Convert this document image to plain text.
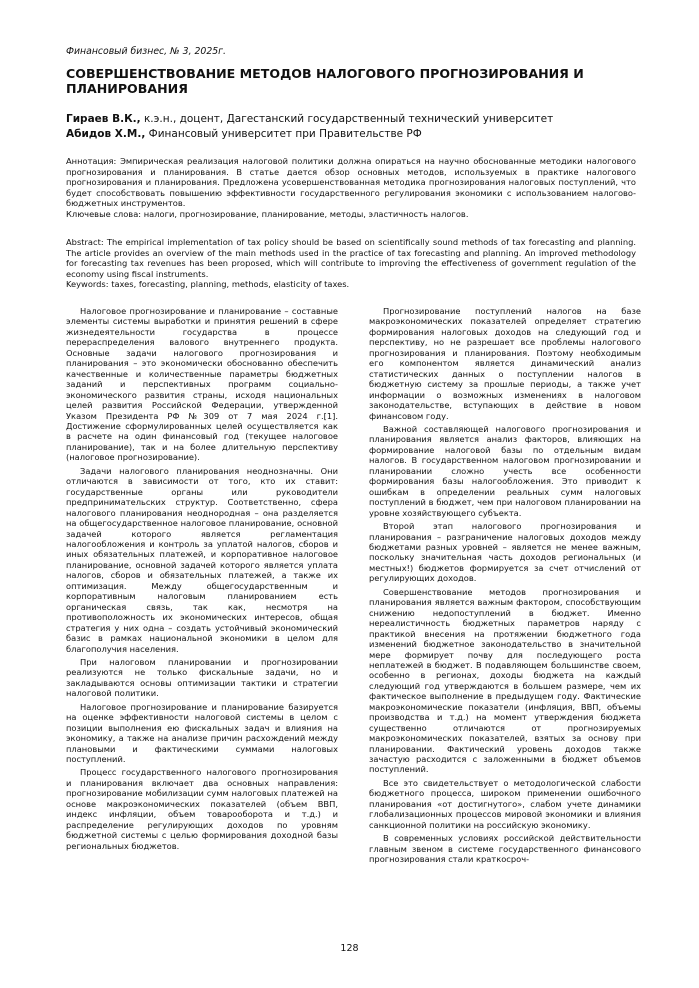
Финансовый бизнес, № 3, 2025г.
СОВЕРШЕНСТВОВАНИЕ МЕТОДОВ НАЛОГОВОГО ПРОГНОЗИРОВАНИЯ И ПЛАНИРОВАНИЯ
Гираев В.К., к.э.н., доцент, Дагестанский государственный технический университет
Абидов Х.М., Финансовый университет при Правительстве РФ
Аннотация: Эмпирическая реализация налоговой политики должна опираться на научно обоснованные методики налогового прогнозирования и планирования. В статье дается обзор основных методов, используемых в практике налогового прогнозирования и планирования. Предложена усовершенствованная методика прогнозирования налоговых поступлений, что будет способствовать повышению эффективности государственного регулирования экономики с использованием налогово-бюджетных инструментов.
Ключевые слова: налоги, прогнозирование, планирование, методы, эластичность налогов.
Abstract: The empirical implementation of tax policy should be based on scientifically sound methods of tax forecasting and planning. The article provides an overview of the main methods used in the practice of tax forecasting and planning. An improved methodology for forecasting tax revenues has been proposed, which will contribute to improving the effectiveness of government regulation of the economy using fiscal instruments.
Keywords: taxes, forecasting, planning, methods, elasticity of taxes.

Налоговое прогнозирование и планирование – составные элементы системы выработки и принятия решений в сфере жизнедеятельности государства в процессе перераспределения валового внутреннего продукта. Основные задачи налогового прогнозирования и планирования – это экономически обоснованно обеспечить качественные и количественные параметры бюджетных заданий и перспективных программ социально-экономического развития страны, исходя национальных целей развития Российской Федерации, утвержденной Указом Президента РФ №309 от 7 мая 2024 г.[1]. Достижение сформулированных целей осуществляется как в расчете на один финансовый год (текущее налоговое планирование), так и на более длительную перспективу (налоговое прогнозирование).

Задачи налогового планирования неоднозначны. Они отличаются в зависимости от того, кто их ставит: государственные органы или руководители предпринимательских структур. Соответственно, сфера налогового планирования неоднородная – она разделяется на общегосударственное налоговое планирование, основной задачей которого является регламентация налогообложения и контроль за уплатой налогов, сборов и иных обязательных платежей, и корпоративное налоговое планирование, основной задачей которого является уплата налогов, сборов и обязательных платежей, а также их оптимизация. Между общегосударственным и корпоративным налоговым планированием есть органическая связь, так как, несмотря на противоположность их экономических интересов, общая стратегия у них одна – создать устойчивый экономический базис в рамках национальной экономики в целом для благополучия населения.

При налоговом планировании и прогнозировании реализуются не только фискальные задачи, но и закладываются основы оптимизации тактики и стратегии налоговой политики.

Налоговое прогнозирование и планирование базируется на оценке эффективности налоговой системы в целом с позиции выполнения ею фискальных задач и влияния на экономику, а также на анализе причин расхождений между плановыми и фактическими суммами налоговых поступлений.

Процесс государственного налогового прогнозирования и планирования включает два основных направления: прогнозирование мобилизации сумм налоговых платежей на основе макроэкономических показателей (объем ВВП, индекс инфляции, объем товарооборота и т.д.) и распределение регулирующих доходов по уровням бюджетной системы с целью формирования доходной базы региональных бюджетов.

Прогнозирование поступлений налогов на базе макроэкономических показателей определяет стратегию формирования налоговых доходов на следующий год и перспективу, но не разрешает все проблемы налогового прогнозирования и планирования. Поэтому необходимым его компонентом является динамический анализ статистических данных о поступлении налогов в бюджетную систему за прошлые периоды, а также учет информации о возможных изменениях в налоговом законодательстве, вступающих в действие в новом финансовом году.

Важной составляющей налогового прогнозирования и планирования является анализ факторов, влияющих на формирование налоговой базы по отдельным видам налогов. В государственном налоговом прогнозировании и планировании сложно учесть все особенности формирования базы налогообложения. Это приводит к ошибкам в определении реальных сумм налоговых поступлений в бюджет, чем при налоговом планировании на уровне хозяйствующего субъекта.

Второй этап налогового прогнозирования и планирования – разграничение налоговых доходов между бюджетами разных уровней – является не менее важным, поскольку значительная часть доходов региональных (и местных!) бюджетов формируется за счет отчислений от регулирующих доходов.

Совершенствование методов прогнозирования и планирования является важным фактором, способствующим снижению недопоступлений в бюджет. Именно нереалистичность бюджетных параметров наряду с практикой внесения на протяжении бюджетного года изменений бюджетное законодательство в значительной мере формирует почву для последующего роста неплатежей в бюджет. В подавляющем большинстве своем, особенно в регионах, доходы бюджета на каждый следующий год утверждаются в большем размере, чем их фактическое выполнение в предыдущем году. Фактические макроэкономические показатели (инфляция, ВВП, объемы производства и т.д.) на момент утверждения бюджета существенно отличаются от прогнозируемых макроэкономических показателей, взятых за основу при планировании. Фактический уровень доходов также зачастую расходится с заложенными в бюджет объемов поступлений.

Все это свидетельствует о методологической слабости бюджетного процесса, широком применении ошибочного планирования «от достигнутого», слабом учете динамики глобализационных процессов мировой экономики и влияния санкционной политики на российскую экономику.

В современных условиях российской действительности главным звеном в системе государственного финансового прогнозирования стали краткосроч-

128
